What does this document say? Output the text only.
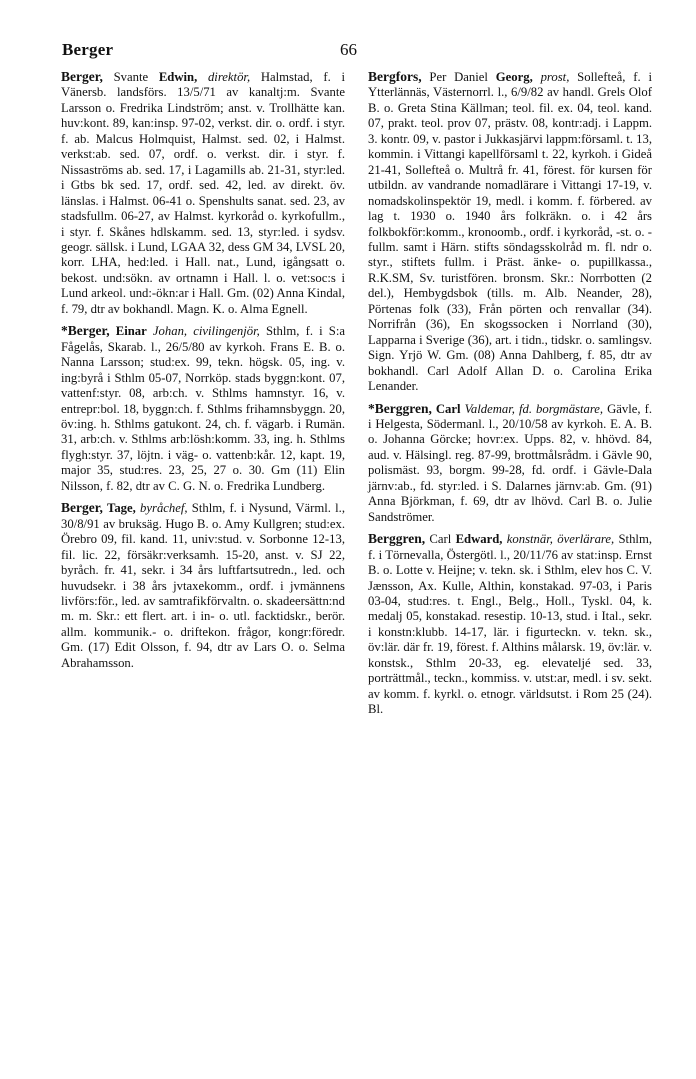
Berger	66

Berger, Svante Edwin, direktör, Halmstad, f. i Vänersb. landsförs. 13/5/71 av kanaltj:m. Svante Larsson o. Fredrika Lindström; anst. v. Trollhätte kan. huv:kont. 89, kan:insp. 97-02, verkst. dir. o. ordf. i styr. f. ab. Malcus Holmquist, Halmst. sed. 02, i Halmst. verkst:ab. sed. 07, ordf. o. verkst. dir. i styr. f. Nissaströms ab. sed. 17, i Lagamills ab. 21-31, styr:led. i Gtbs bk sed. 17, ordf. sed. 42, led. av direkt. öv. länslas. i Halmst. 06-41 o. Spenshults sanat. sed. 23, av stadsfullm. 06-27, av Halmst. kyrkoråd o. kyrkofullm., i styr. f. Skånes hdlskamm. sed. 13, styr:led. i sydsv. geogr. sällsk. i Lund, LGAA 32, dess GM 34, LVSL 20, korr. LHA, hed:led. i Hall. nat., Lund, igångsatt o. bekost. und:sökn. av ortnamn i Hall. l. o. vet:soc:s i Lund arkeol. und:-ökn:ar i Hall. Gm. (02) Anna Kindal, f. 79, dtr av bokhandl. Magn. K. o. Alma Egnell.

*Berger, Einar Johan, civilingenjör, Sthlm, f. i S:a Fågelås, Skarab. l., 26/5/80 av kyrkoh. Frans E. B. o. Nanna Larsson; stud:ex. 99, tekn. högsk. 05, ing. v. ing:byrå i Sthlm 05-07, Norrköp. stads byggn:kont. 07, vattenf:styr. 08, arb:ch. v. Sthlms hamnstyr. 16, v. entrepr:bol. 18, byggn:ch. f. Sthlms frihamnsbyggn. 20, öv:ing. h. Sthlms gatukont. 24, ch. f. vägarb. i Rumän. 31, arb:ch. v. Sthlms arb:lösh:komm. 33, ing. h. Sthlms flygh:styr. 37, löjtn. i väg- o. vattenb:kår. 12, kapt. 19, major 35, stud:res. 23, 25, 27 o. 30. Gm (11) Elin Nilsson, f. 82, dtr av C. G. N. o. Fredrika Lundberg.

Berger, Tage, byråchef, Sthlm, f. i Nysund, Värml. l., 30/8/91 av bruksäg. Hugo B. o. Amy Kullgren; stud:ex. Örebro 09, fil. kand. 11, univ:stud. v. Sorbonne 12-13, fil. lic. 22, försäkr:verksamh. 15-20, anst. v. SJ 22, byråch. fr. 41, sekr. i 34 års luftfartsutredn., led. och huvudsekr. i 38 års jvtaxekomm., ordf. i jvmännens livförs:för., led. av samtrafikförvaltn. o. skadeersättn:nd m. m. Skr.: ett flert. art. i in- o. utl. facktidskr., berör. allm. kommunik.- o. driftekon. frågor, kongr:föredr. Gm. (17) Edit Olsson, f. 94, dtr av Lars O. o. Selma Abrahamsson.

Bergfors, Per Daniel Georg, prost, Sollefteå, f. i Ytterlännäs, Västernorrl. l., 6/9/82 av handl. Grels Olof B. o. Greta Stina Källman; teol. fil. ex. 04, teol. kand. 07, prakt. teol. prov 07, prästv. 08, kontr:adj. i Lappm. 3. kontr. 09, v. pastor i Jukkasjärvi lappm:församl. t. 13, kommin. i Vittangi kapellförsaml t. 22, kyrkoh. i Gideå 21-41, Sollefteå o. Multrå fr. 41, förest. för kursen för utbildn. av vandrande nomadlärare i Vittangi 17-19, v. nomadskolinspektör 19, medl. i komm. f. förbered. av lag t. 1930 o. 1940 års folkräkn. o. i 42 års folkbokför:komm., kronoomb., ordf. i kyrkoråd, -st. o. -fullm. samt i Härn. stifts söndagsskolråd m. fl. ndr o. styr., stiftets fullm. i Präst. änke- o. pupillkassa., R.K.SM, Sv. turistfören. bronsm. Skr.: Norrbotten (2 del.), Hembygdsbok (tills. m. Alb. Neander, 28), Pörtenas folk (33), Från pörten och renvallar (34). Norrifrån (36), En skogssocken i Norrland (30), Lapparna i Sverige (36), art. i tidn., tidskr. o. samlingsv. Sign. Yrjö W. Gm. (08) Anna Dahlberg, f. 85, dtr av bokhandl. Carl Adolf Allan D. o. Carolina Erika Lenander.

*Berggren, Carl Valdemar, fd. borgmästare, Gävle, f. i Helgesta, Södermanl. l., 20/10/58 av kyrkoh. E. A. B. o. Johanna Görcke; hovr:ex. Upps. 82, v. hhövd. 84, aud. v. Hälsingl. reg. 87-99, brottmålsrådm. i Gävle 90, polismäst. 93, borgm. 99-28, fd. ordf. i Gävle-Dala järnv:ab., fd. styr:led. i S. Dalarnes järnv:ab. Gm. (91) Anna Björkman, f. 69, dtr av lhövd. Carl B. o. Julie Sandströmer.

Berggren, Carl Edward, konstnär, överlärare, Sthlm, f. i Törnevalla, Östergötl. l., 20/11/76 av stat:insp. Ernst B. o. Lotte v. Heijne; v. tekn. sk. i Sthlm, elev hos C. V. Jænsson, Ax. Kulle, Althin, konstakad. 97-03, i Paris 03-04, stud:res. t. Engl., Belg., Holl., Tyskl. 04, k. medalj 05, konstakad. resestip. 10-13, stud. i Ital., sekr. i konstn:klubb. 14-17, lär. i figurteckn. v. tekn. sk., öv:lär. där fr. 19, förest. f. Althins målarsk. 19, öv:lär. v. konstsk., Sthlm 20-33, eg. elevateljé sed. 33, porträttmål., teckn., kommiss. v. utst:ar, medl. i sv. sekt. av komm. f. kyrkl. o. etnogr. världsutst. i Rom 25 (24). Bl.
